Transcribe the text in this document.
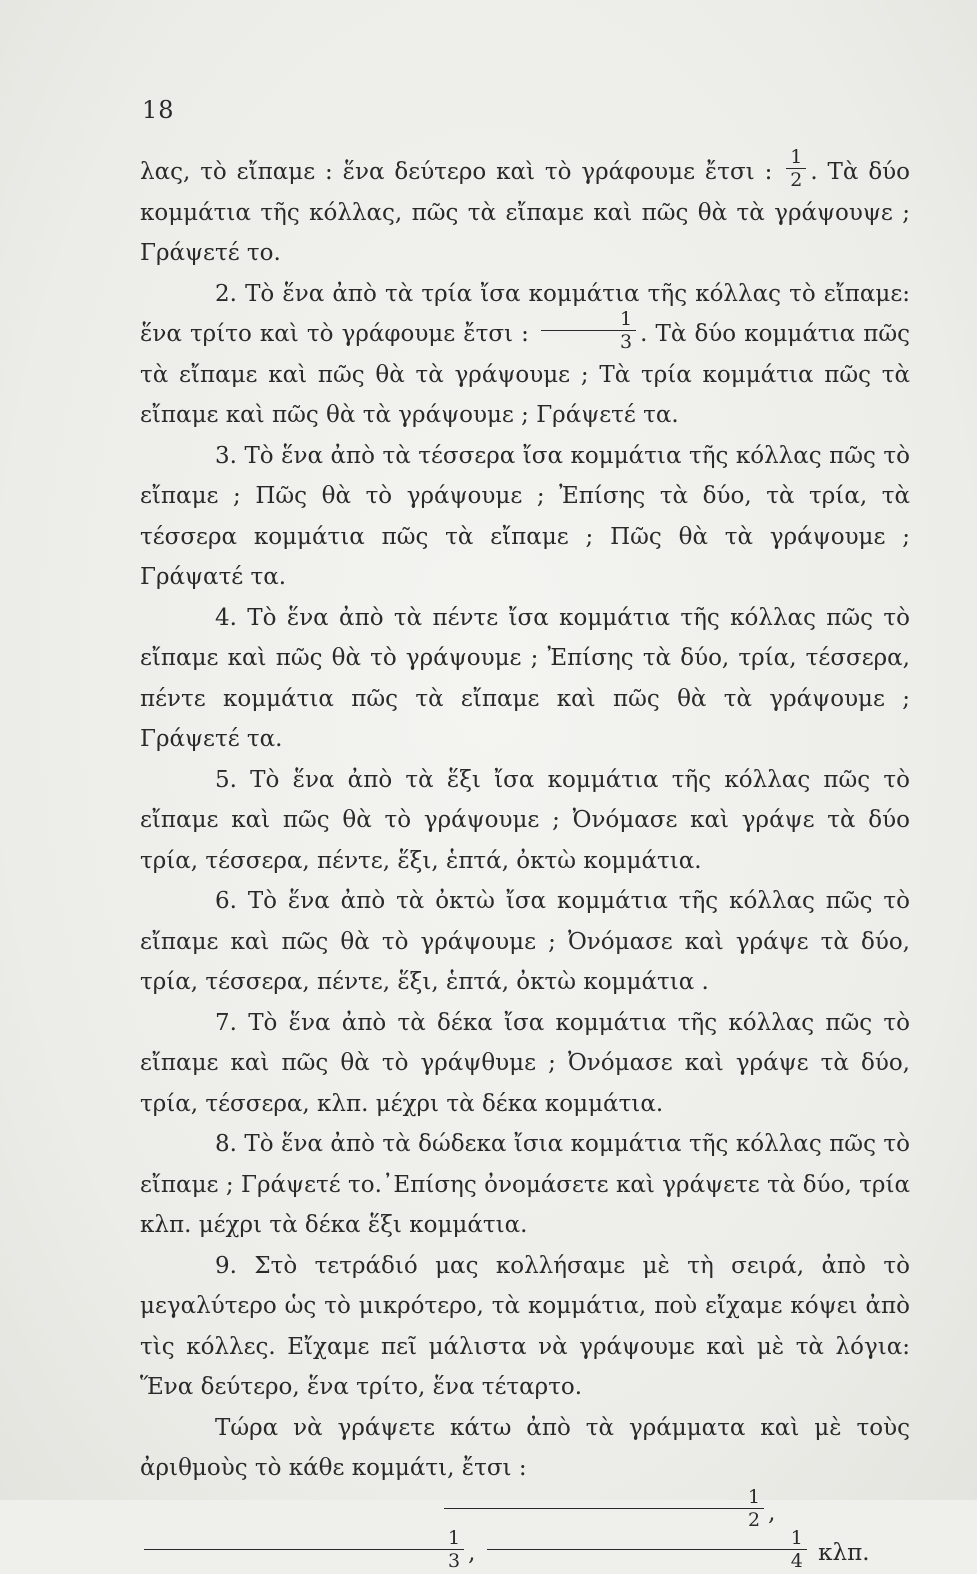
18

λας, τὸ εἴπαμε : ἕνα δεύτερο καὶ τὸ γράφουμε ἔτσι : $\frac{1}{2}$ . Τὰ δύο κομμάτια τῆς κόλλας, πῶς τὰ εἴπαμε καὶ πῶς θὰ τὰ γράψουψε ; Γράψετέ το.

2. Τὸ ἕνα ἀπὸ τὰ τρία ἴσα κομμάτια τῆς κόλλας τὸ εἴπαμε: ἕνα τρίτο καὶ τὸ γράφουμε ἔτσι : $\frac{1}{3}$ . Τὰ δύο κομμάτια πῶς τὰ εἴπαμε καὶ πῶς θὰ τὰ γράψουμε ; Τὰ τρία κομμάτια πῶς τὰ εἴπαμε καὶ πῶς θὰ τὰ γράψουμε ; Γράψετέ τα.

3. Τὸ ἕνα ἀπὸ τὰ τέσσερα ἴσα κομμάτια τῆς κόλλας πῶς τὸ εἴπαμε ; Πῶς θὰ τὸ γράψουμε ; Ἐπίσης τὰ δύο, τὰ τρία, τὰ τέσσερα κομμάτια πῶς τὰ εἴπαμε ; Πῶς θὰ τὰ γράψουμε ; Γράψατέ τα.

4. Τὸ ἕνα ἀπὸ τὰ πέντε ἴσα κομμάτια τῆς κόλλας πῶς τὸ εἴπαμε καὶ πῶς θὰ τὸ γράψουμε ; Ἐπίσης τὰ δύο, τρία, τέσσερα, πέντε κομμάτια πῶς τὰ εἴπαμε καὶ πῶς θὰ τὰ γράψουμε ; Γράψετέ τα.

5. Τὸ ἕνα ἀπὸ τὰ ἕξι ἴσα κομμάτια τῆς κόλλας πῶς τὸ εἴπαμε καὶ πῶς θὰ τὸ γράψουμε ; Ὀνόμασε καὶ γράψε τὰ δύο τρία, τέσσερα, πέντε, ἕξι, ἑπτά, ὀκτὼ κομμάτια.

6. Τὸ ἕνα ἀπὸ τὰ ὀκτὼ ἴσα κομμάτια τῆς κόλλας πῶς τὸ εἴπαμε καὶ πῶς θὰ τὸ γράψουμε ; Ὀνόμασε καὶ γράψε τὰ δύο, τρία, τέσσερα, πέντε, ἕξι, ἑπτά, ὀκτὼ κομμάτια .

7. Τὸ ἕνα ἀπὸ τὰ δέκα ἴσα κομμάτια τῆς κόλλας πῶς τὸ εἴπαμε καὶ πῶς θὰ τὸ γράψθυμε ; Ὀνόμασε καὶ γράψε τὰ δύο, τρία, τέσσερα, κλπ. μέχρι τὰ δέκα κομμάτια.

8. Τὸ ἕνα ἀπὸ τὰ δώδεκα ἴσια κομμάτια τῆς κόλλας πῶς τὸ εἴπαμε ; Γράψετέ το.᾿Επίσης ὀνομάσετε καὶ γράψετε τὰ δύο, τρία κλπ. μέχρι τὰ δέκα ἕξι κομμάτια.

9. Στὸ τετράδιό μας κολλήσαμε μὲ τὴ σειρά, ἀπὸ τὸ μεγαλύτερο ὡς τὸ μικρότερο, τὰ κομμάτια, ποὺ εἴχαμε κόψει ἀπὸ τὶς κόλλες. Εἴχαμε πεῖ μάλιστα νὰ γράψουμε καὶ μὲ τὰ λόγια: Ἕνα δεύτερο, ἕνα τρίτο, ἕνα τέταρτο.

Τώρα νὰ γράψετε κάτω ἀπὸ τὰ γράμματα καὶ μὲ τοὺς ἀριθμοὺς τὸ κάθε κομμάτι, ἔτσι :

$\frac{1}{2}$ ,
$\frac{1}{3}$ , $\frac{1}{4} \kappa\lambda\pi$.
